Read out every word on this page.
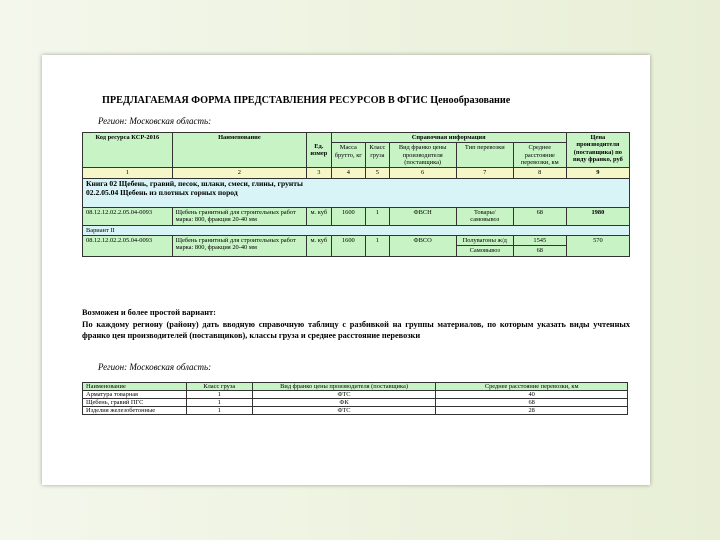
ПРЕДЛАГАЕМАЯ ФОРМА ПРЕДСТАВЛЕНИЯ РЕСУРСОВ В ФГИС Ценообразование
Регион: Московская область:
Код ресурса КСР-2016	Наименование	Ед. измер	Справочная информация					Цена производителя (поставщика) по виду франко, руб
			Масса брутто, кг	Класс груза	Вид франко цены производителя (поставщика)	Тип перевозки	Среднее расстояние перевозки, км	
1	2	3	4	5	6	7	8	9
Книга 02 Щебень, гравий, песок, шлаки, смеси, глины, грунты
02.2.05.04 Щебень из плотных горных пород								
08.12.12.02.2.05.04-0093	Щебень гранитный для строительных работ марка: 800, фракция 20-40 мм	м. куб	1600	1	ФВСН	Товары/ самовывоз	68	1980
Вариант II								
08.12.12.02.2.05.04-0093	Щебень гранитный для строительных работ марка: 800, фракция 20-40 мм	м. куб	1600	1	ФВСО	Полувагоны ж/д	1545	570
						Самовывоз	68	
Возможен и более простой вариант:
По каждому региону (району) дать вводную справочную таблицу с разбивкой на группы материалов, по которым указать виды учтенных франко цен производителей (поставщиков), классы груза и среднее расстояние перевозки
Регион: Московская область:
Наименование	Класс груза	Вид франко цены производителя (поставщика)	Среднее расстояние перевозки, км
Арматура товарная	1	ФТС	40
Щебень, гравий ПГС	1	ФК	68
Изделия железобетонные	1	ФТС	28
